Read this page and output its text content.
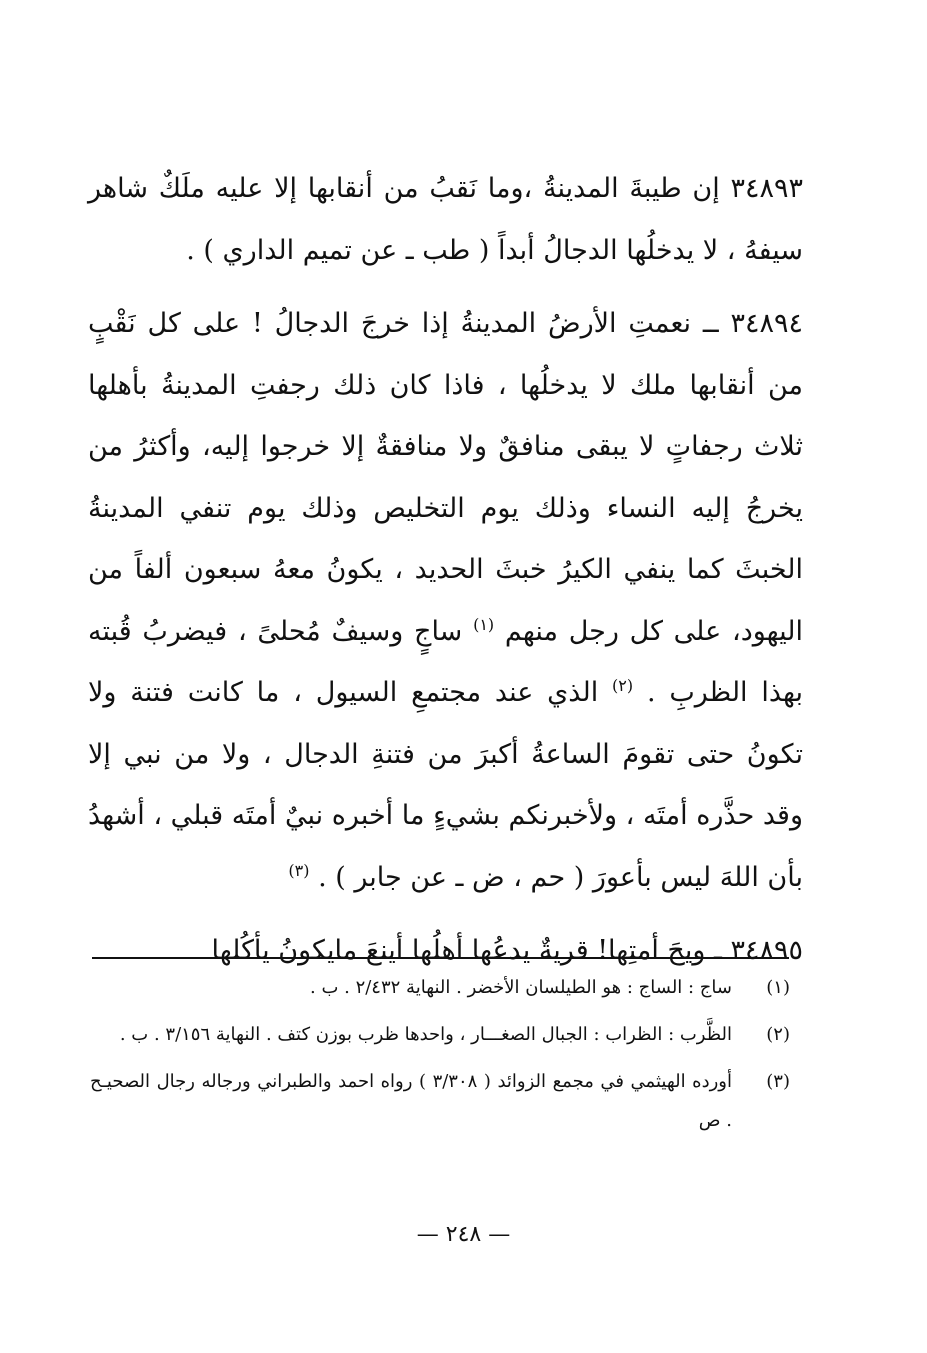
٣٤٨٩٣ إن طيبةَ المدينةُ ،وما نَقبُ من أنقابها إلا عليه ملَكٌ شاهر سيفهُ ، لا يدخلُها الدجالُ أبداً ( طب ـ عن تميم الداري ) .

٣٤٨٩٤ ــ نعمتِ الأرضُ المدينةُ إذا خرجَ الدجالُ ! على كل نَقْبٍ من أنقابها ملك لا يدخلُها ، فاذا كان ذلك رجفتِ المدينةُ بأهلها ثلاث رجفاتٍ لا يبقى منافقٌ ولا منافقةٌ إلا خرجوا إليه، وأكثرُ من يخرجُ إليه النساء وذلك يوم التخليص وذلك يوم تنفي المدينةُ الخبثَ كما ينفي الكيرُ خبثَ الحديد ، يكونُ معهُ سبعون ألفاً من اليهود، على كل رجل منهم $^{(١)}$ ساجٍ وسيفٌ مُحلىً ، فيضربُ قُبته بهذا الظربِ . $^{(٢)}$ الذي عند مجتمعِ السيول ، ما كانت فتنة ولا تكونُ حتى تقومَ الساعةُ أكبرَ من فتنةِ الدجال ، ولا من نبي إلا وقد حذَّره أمتَه ، ولأخبرنكم بشيءٍ ما أخبره نبيٌ أمتَه قبلي ، أشهدُ بأن اللهَ ليس بأعورَ ( حم ، ض ـ عن جابر ) . $^{(٣)}$

٣٤٨٩٥ ـ ويحَ أمتِها! قريةٌ يدعُها أهلُها أينعَ مايكونُ يأكُلها

(١)
ساج : الساج : هو الطيلسان الأخضر . النهاية ٢/٤٣٢ . ب .
(٢)
الظَّرب : الظراب : الجبال الصغـــار ، واحدها ظرب بوزن كتف . النهاية ٣/١٥٦ . ب .
(٣)
أورده الهيثمي في مجمع الزوائد ( ٣/٣٠٨ ) رواه احمد والطبراني ورجاله رجال الصحيـح . ص
— ٢٤٨ —
